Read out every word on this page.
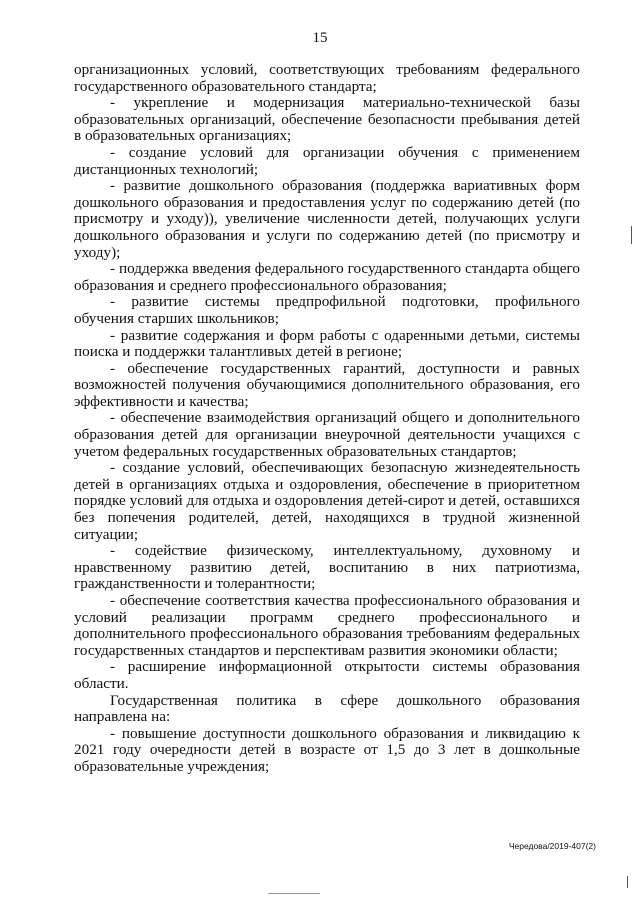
15

организационных условий, соответствующих требованиям федерального государственного образовательного стандарта;

- укрепление и модернизация материально-технической базы образовательных организаций, обеспечение безопасности пребывания детей в образовательных организациях;

- создание условий для организации обучения с применением дистанционных технологий;

- развитие дошкольного образования (поддержка вариативных форм дошкольного образования и предоставления услуг по содержанию детей (по присмотру и уходу)), увеличение численности детей, получающих услуги дошкольного образования и услуги по содержанию детей (по присмотру и уходу);

- поддержка введения федерального государственного стандарта общего образования и среднего профессионального образования;

- развитие системы предпрофильной подготовки, профильного обучения старших школьников;

- развитие содержания и форм работы с одаренными детьми, системы поиска и поддержки талантливых детей в регионе;

- обеспечение государственных гарантий, доступности и равных возможностей получения обучающимися дополнительного образования, его эффективности и качества;

- обеспечение взаимодействия организаций общего и дополнительного образования детей для организации внеурочной деятельности учащихся с учетом федеральных государственных образовательных стандартов;

- создание условий, обеспечивающих безопасную жизнедеятельность детей в организациях отдыха и оздоровления, обеспечение в приоритетном порядке условий для отдыха и оздоровления детей-сирот и детей, оставшихся без попечения родителей, детей, находящихся в трудной жизненной ситуации;

- содействие физическому, интеллектуальному, духовному и нравственному развитию детей, воспитанию в них патриотизма, гражданственности и толерантности;

- обеспечение соответствия качества профессионального образования и условий реализации программ среднего профессионального и дополнительного профессионального образования требованиям федеральных государственных стандартов и перспективам развития экономики области;

- расширение информационной открытости системы образования области.

Государственная политика в сфере дошкольного образования направлена на:

- повышение доступности дошкольного образования и ликвидацию к 2021 году очередности детей в возрасте от 1,5 до 3 лет в дошкольные образовательные учреждения;

Чередова/2019-407(2)
